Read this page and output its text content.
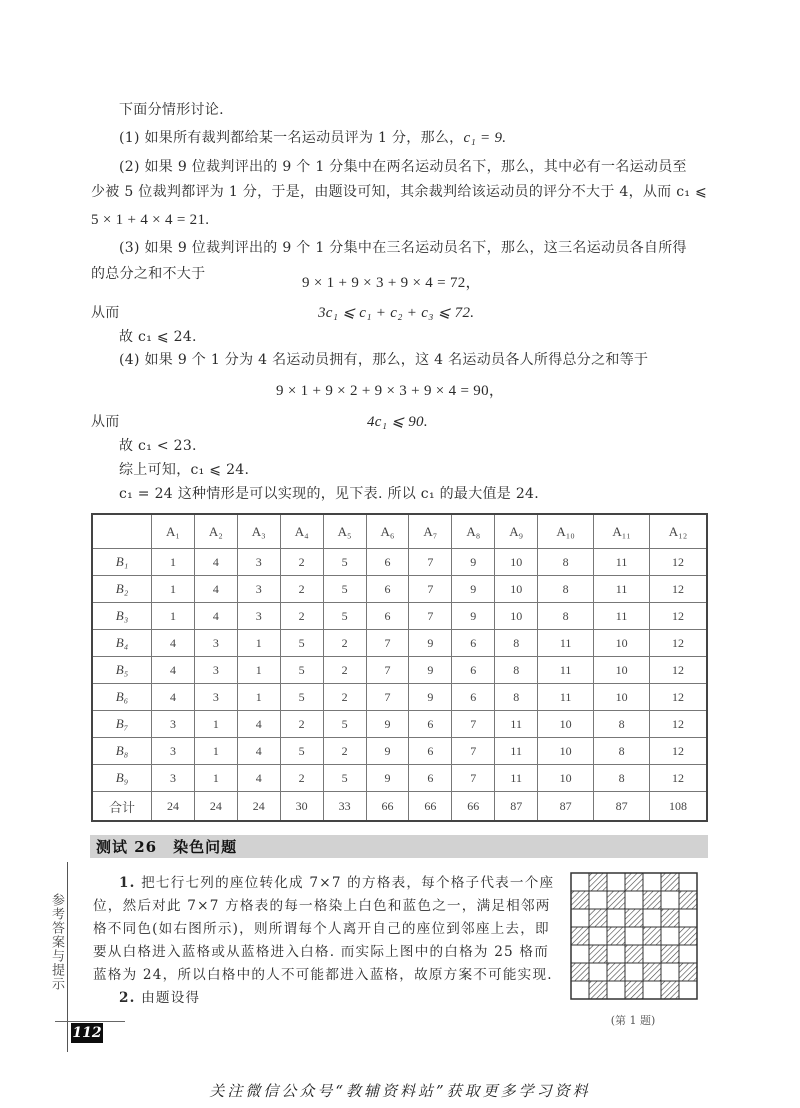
下面分情形讨论.
(1) 如果所有裁判都给某一名运动员评为 1 分，那么，c₁ = 9.
(2) 如果 9 位裁判评出的 9 个 1 分集中在两名运动员名下，那么，其中必有一名运动员至
少被 5 位裁判都评为 1 分，于是，由题设可知，其余裁判给该运动员的评分不大于 4，从而 c₁ ⩽
5 × 1 + 4 × 4 = 21.
(3) 如果 9 位裁判评出的 9 个 1 分集中在三名运动员名下，那么，这三名运动员各自所得
的总分之和不大于
9 × 1 + 9 × 3 + 9 × 4 = 72，
从而	3c₁ ⩽ c₁ + c₂ + c₃ ⩽ 72.
故 c₁ ⩽ 24.
(4) 如果 9 个 1 分为 4 名运动员拥有，那么，这 4 名运动员各人所得总分之和等于
9 × 1 + 9 × 2 + 9 × 3 + 9 × 4 = 90，
从而	4c₁ ⩽ 90.
故 c₁ < 23.
综上可知，c₁ ⩽ 24.
c₁ = 24 这种情形是可以实现的，见下表. 所以 c₁ 的最大值是 24.
	A₁	A₂	A₃	A₄	A₅	A₆	A₇	A₈	A₉	A₁₀	A₁₁	A₁₂
B₁	1	4	3	2	5	6	7	9	10	8	11	12
B₂	1	4	3	2	5	6	7	9	10	8	11	12
B₃	1	4	3	2	5	6	7	9	10	8	11	12
B₄	4	3	1	5	2	7	9	6	8	11	10	12
B₅	4	3	1	5	2	7	9	6	8	11	10	12
B₆	4	3	1	5	2	7	9	6	8	11	10	12
B₇	3	1	4	2	5	9	6	7	11	10	8	12
B₈	3	1	4	5	2	9	6	7	11	10	8	12
B₉	3	1	4	2	5	9	6	7	11	10	8	12
合计	24	24	24	30	33	66	66	66	87	87	87	108
测试 26　染色问题
1. 把七行七列的座位转化成 7×7 的方格表，每个格子代表一个座
位，然后对此 7×7 方格表的每一格染上白色和蓝色之一，满足相邻两
格不同色(如右图所示)，则所谓每个人离开自己的座位到邻座上去，即
要从白格进入蓝格或从蓝格进入白格. 而实际上图中的白格为 25 格而
蓝格为 24，所以白格中的人不可能都进入蓝格，故原方案不可能实现.
2. 由题设得
(第 1 题)
参考答案与提示
112
关注微信公众号“教辅资料站”获取更多学习资料
